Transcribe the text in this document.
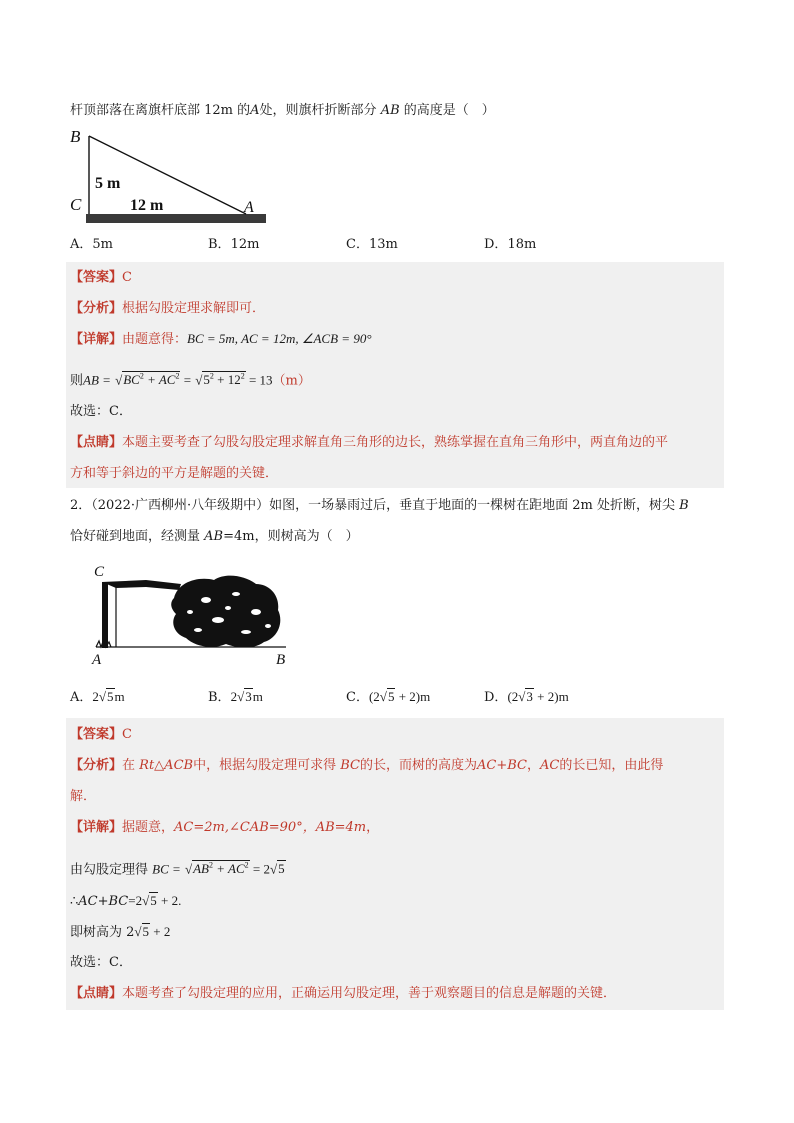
杆顶部落在离旗杆底部 12m 的A处，则旗杆折断部分 AB 的高度是（　）
B
C	A
5 m
12 m
A．5m	B．12m	C．13m	D．18m
【答案】C
【分析】根据勾股定理求解即可．
【详解】由题意得：BC = 5m, AC = 12m, ∠ACB = 90°
则AB = $√BC^2 + AC^2 = √5^2 + 12^2 = 13(m)$
故选：C．
【点睛】本题主要考查了勾股勾股定理求解直角三角形的边长，熟练掌握在直角三角形中，两直角边的平
方和等于斜边的平方是解题的关键．
2．（2022·广西柳州·八年级期中）如图，一场暴雨过后，垂直于地面的一棵树在距地面 2m 处折断，树尖 B
恰好碰到地面，经测量 AB=4m，则树高为（　）
C
A	B
A．2√5m	B．2√3m	C．(2√5 + 2)m	D．(2√3 + 2)m
【答案】C
【分析】在 Rt△ACB中，根据勾股定理可求得 BC的长，而树的高度为AC+BC，AC的长已知，由此得
解．
【详解】据题意，AC=2m,∠CAB=90°，AB=4m，
由勾股定理得 BC = $√AB^2 + AC^2 = 2√5$
∴AC+BC=2√5 + 2.
即树高为 2√5 + 2
故选：C．
【点睛】本题考查了勾股定理的应用，正确运用勾股定理，善于观察题目的信息是解题的关键．
